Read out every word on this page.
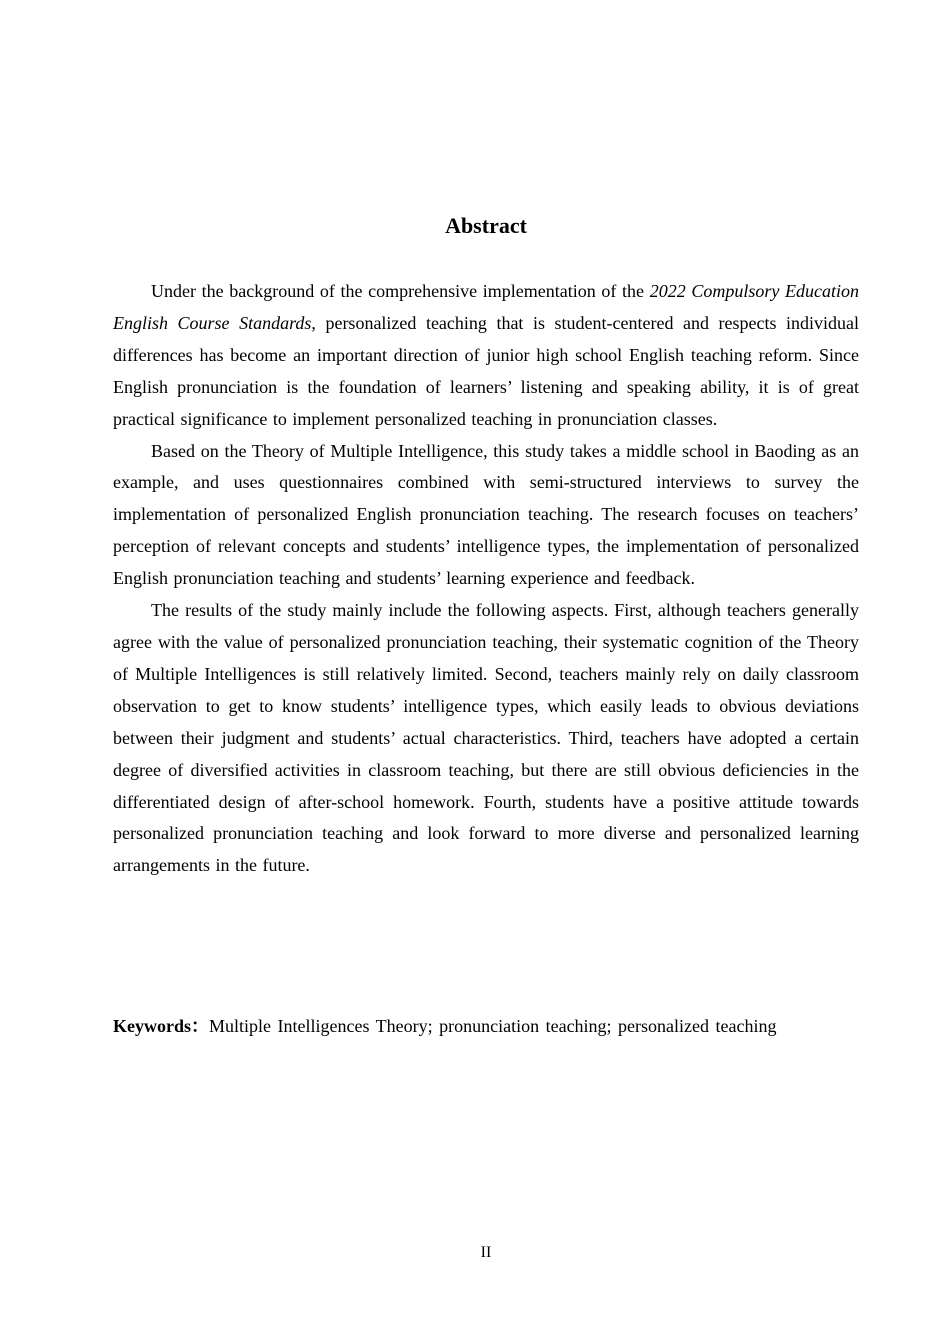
Abstract

Under the background of the comprehensive implementation of the 2022 Compulsory Education English Course Standards, personalized teaching that is student-centered and respects individual differences has become an important direction of junior high school English teaching reform. Since English pronunciation is the foundation of learners’ listening and speaking ability, it is of great practical significance to implement personalized teaching in pronunciation classes.

Based on the Theory of Multiple Intelligence, this study takes a middle school in Baoding as an example, and uses questionnaires combined with semi-structured interviews to survey the implementation of personalized English pronunciation teaching. The research focuses on teachers’ perception of relevant concepts and students’ intelligence types, the implementation of personalized English pronunciation teaching and students’ learning experience and feedback.

The results of the study mainly include the following aspects. First, although teachers generally agree with the value of personalized pronunciation teaching, their systematic cognition of the Theory of Multiple Intelligences is still relatively limited. Second, teachers mainly rely on daily classroom observation to get to know students’ intelligence types, which easily leads to obvious deviations between their judgment and students’ actual characteristics. Third, teachers have adopted a certain degree of diversified activities in classroom teaching, but there are still obvious deficiencies in the differentiated design of after-school homework. Fourth, students have a positive attitude towards personalized pronunciation teaching and look forward to more diverse and personalized learning arrangements in the future.

Keywords：Multiple Intelligences Theory; pronunciation teaching; personalized teaching

II
